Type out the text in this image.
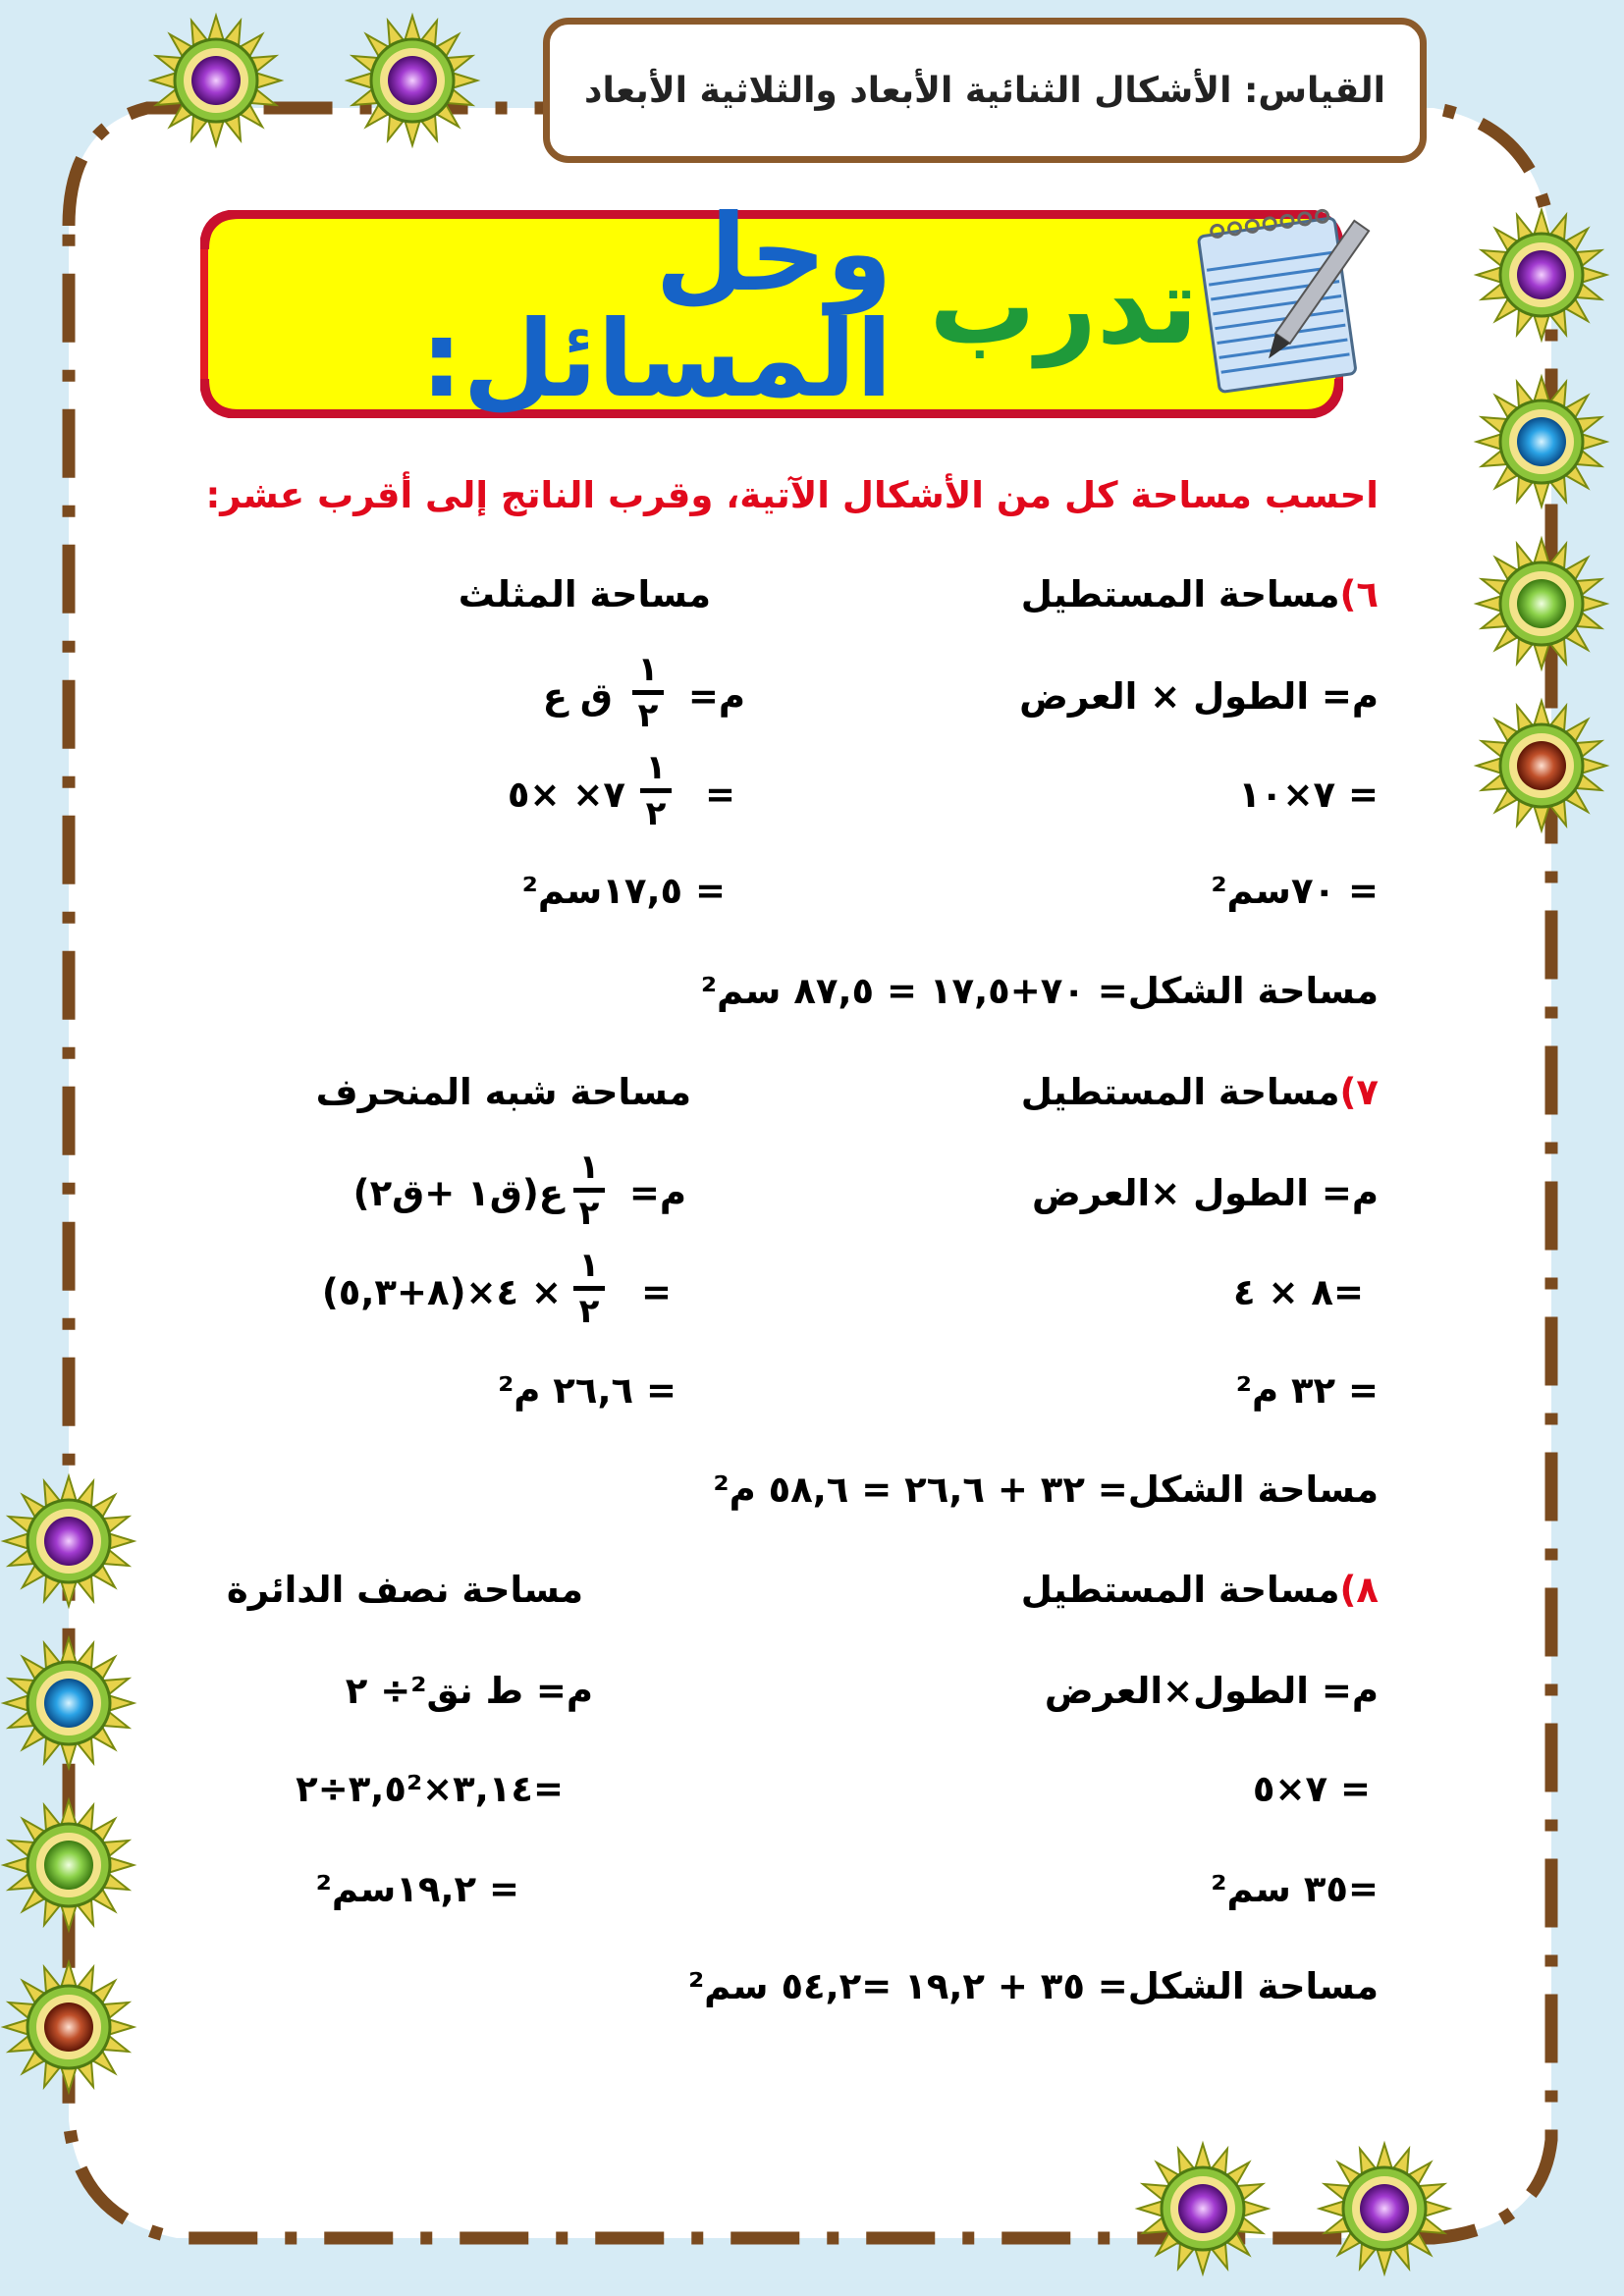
القياس: الأشكال الثنائية الأبعاد والثلاثية الأبعاد
تدرب

وحل المسائل:
احسب مساحة كل من الأشكال الآتية، وقرب الناتج إلى أقرب عشر:
٦)مساحة المستطيل
مساحة المثلث
م= الطول × العرض
= ٧×١٠
= ٧٠سم²
م=
١
٢
ق ع
=
١
٢
٧× ×٥
= ١٧,٥سم²
مساحة الشكل= ٧٠+١٧,٥ = ٨٧,٥ سم²
٧)مساحة المستطيل
مساحة شبه المنحرف
م= الطول ×العرض
=٨ × ٤
= ٣٢ م²
م=
١
٢
ع(ق١ +ق٢)
=
١
٢
× ٤×(٨+٥,٣)
= ٢٦,٦ م²
مساحة الشكل= ٣٢ + ٢٦,٦ = ٥٨,٦ م²
٨)مساحة المستطيل
مساحة نصف الدائرة
م= الطول×العرض
= ٧×٥
=٣٥ سم²
م= ط نق²÷ ٢
=٣,١٤×٣,٥²÷٢
= ١٩,٢سم²
مساحة الشكل= ٣٥ + ١٩,٢ =٥٤,٢ سم²
